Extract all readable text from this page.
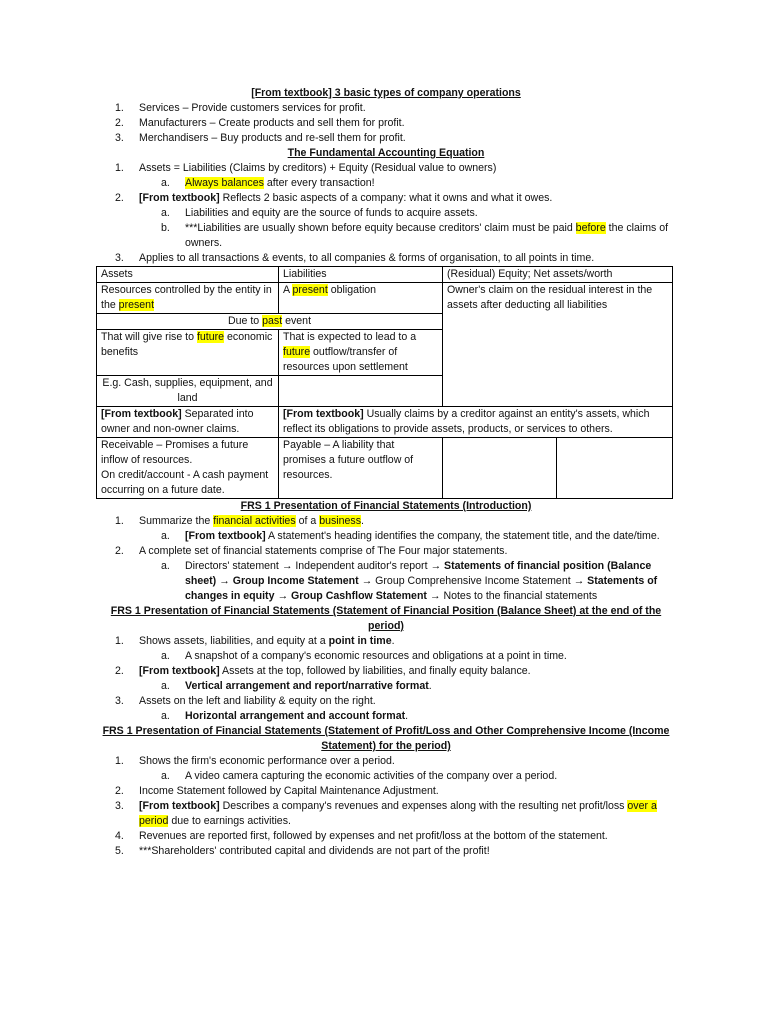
[From textbook] 3 basic types of company operations
1.	Services – Provide customers services for profit.
2.	Manufacturers – Create products and sell them for profit.
3.	Merchandisers – Buy products and re-sell them for profit.
The Fundamental Accounting Equation
1.	Assets = Liabilities (Claims by creditors) + Equity (Residual value to owners)
a.	Always balances after every transaction!
2.	[From textbook] Reflects 2 basic aspects of a company: what it owns and what it owes.
a.	Liabilities and equity are the source of funds to acquire assets.
b.	***Liabilities are usually shown before equity because creditors' claim must be paid before the claims of owners.
3.	Applies to all transactions & events, to all companies & forms of organisation, to all points in time.
Assets	Liabilities	(Residual) Equity; Net assets/worth	
Resources controlled by the entity in the present	A present obligation	Owner's claim on the residual interest in the assets after deducting all liabilities	
Due to past event			
That will give rise to future economic benefits	That is expected to lead to a future outflow/transfer of resources upon settlement		
E.g. Cash, supplies, equipment, and land			
[From textbook] Separated into owner and non-owner claims.	[From textbook] Usually claims by a creditor against an entity's assets, which reflect its obligations to provide assets, products, or services to others.		

Receivable – Promises a future inflow of resources.
On credit/account - A cash payment occurring on a future date.	Payable – A liability that promises a future outflow of resources.		
FRS 1 Presentation of Financial Statements (Introduction)
1.	Summarize the financial activities of a business.
a.	[From textbook] A statement's heading identifies the company, the statement title, and the date/time.
2.	A complete set of financial statements comprise of The Four major statements.
a.	Directors' statement → Independent auditor's report → Statements of financial position (Balance sheet) → Group Income Statement → Group Comprehensive Income Statement → Statements of changes in equity → Group Cashflow Statement → Notes to the financial statements
FRS 1 Presentation of Financial Statements (Statement of Financial Position (Balance Sheet) at the end of the period)
1.	Shows assets, liabilities, and equity at a point in time.
a.	A snapshot of a company's economic resources and obligations at a point in time.
2.	[From textbook] Assets at the top, followed by liabilities, and finally equity balance.
a.	Vertical arrangement and report/narrative format.
3.	Assets on the left and liability & equity on the right.
a.	Horizontal arrangement and account format.
FRS 1 Presentation of Financial Statements (Statement of Profit/Loss and Other Comprehensive Income (Income Statement) for the period)
1.	Shows the firm's economic performance over a period.
a.	A video camera capturing the economic activities of the company over a period.
2.	Income Statement followed by Capital Maintenance Adjustment.
3.	[From textbook] Describes a company's revenues and expenses along with the resulting net profit/loss over a period due to earnings activities.
4.	Revenues are reported first, followed by expenses and net profit/loss at the bottom of the statement.
5.	***Shareholders' contributed capital and dividends are not part of the profit!
